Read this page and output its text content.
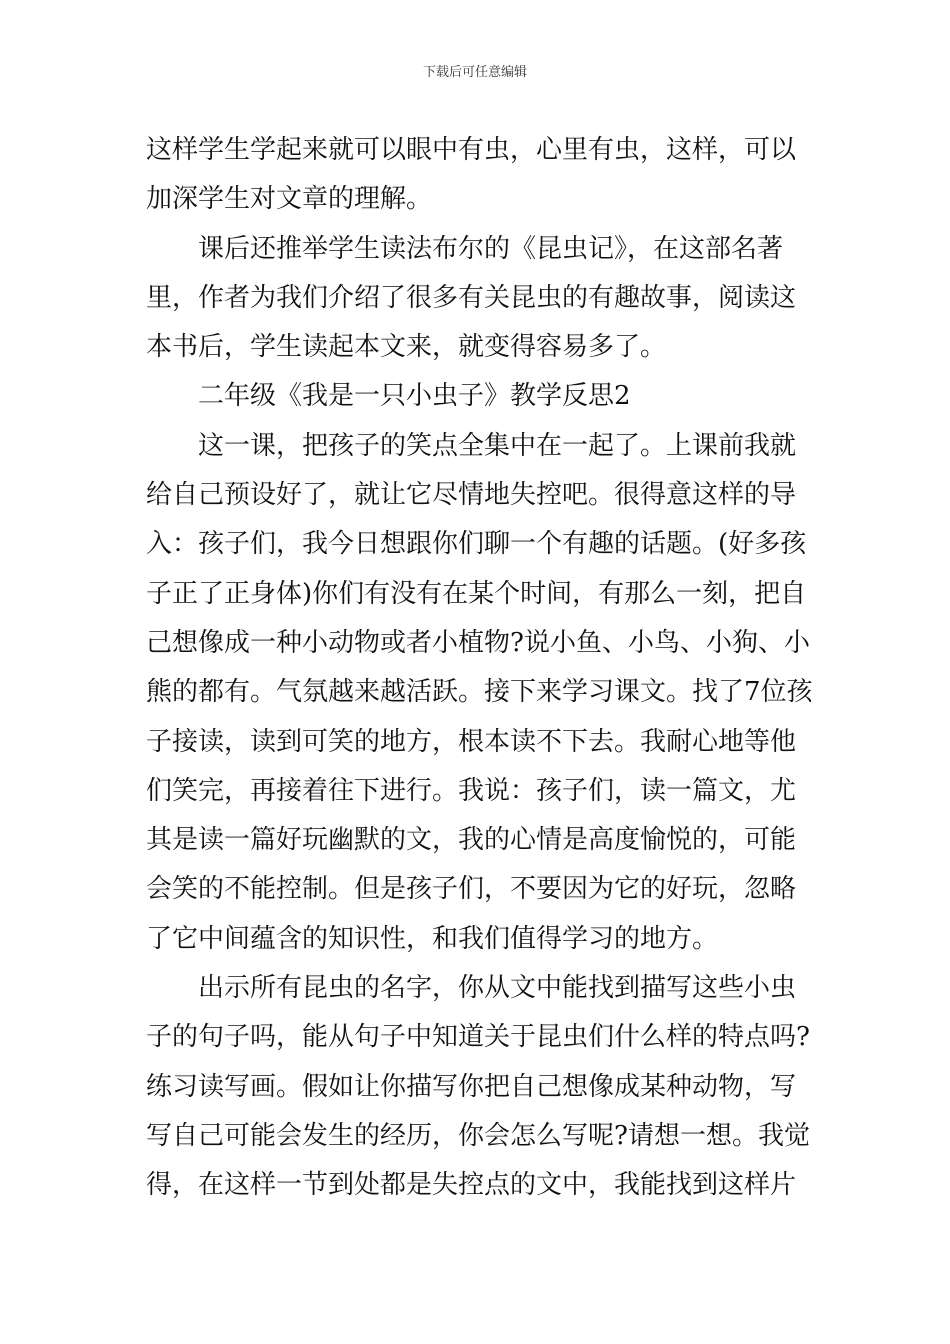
下载后可任意编辑
这样学生学起来就可以眼中有虫，心里有虫，这样，可以
加深学生对文章的理解。
课后还推举学生读法布尔的《昆虫记》，在这部名著
里，作者为我们介绍了很多有关昆虫的有趣故事，阅读这
本书后，学生读起本文来，就变得容易多了。
二年级《我是一只小虫子》教学反思2
这一课，把孩子的笑点全集中在一起了。上课前我就
给自己预设好了，就让它尽情地失控吧。很得意这样的导
入：孩子们，我今日想跟你们聊一个有趣的话题。(好多孩
子正了正身体)你们有没有在某个时间，有那么一刻，把自
己想像成一种小动物或者小植物?说小鱼、小鸟、小狗、小
熊的都有。气氛越来越活跃。接下来学习课文。找了7位孩
子接读，读到可笑的地方，根本读不下去。我耐心地等他
们笑完，再接着往下进行。我说：孩子们，读一篇文，尤
其是读一篇好玩幽默的文，我的心情是高度愉悦的，可能
会笑的不能控制。但是孩子们，不要因为它的好玩，忽略
了它中间蕴含的知识性，和我们值得学习的地方。
出示所有昆虫的名字，你从文中能找到描写这些小虫
子的句子吗，能从句子中知道关于昆虫们什么样的特点吗?
练习读写画。假如让你描写你把自己想像成某种动物，写
写自己可能会发生的经历，你会怎么写呢?请想一想。我觉
得，在这样一节到处都是失控点的文中，我能找到这样片
